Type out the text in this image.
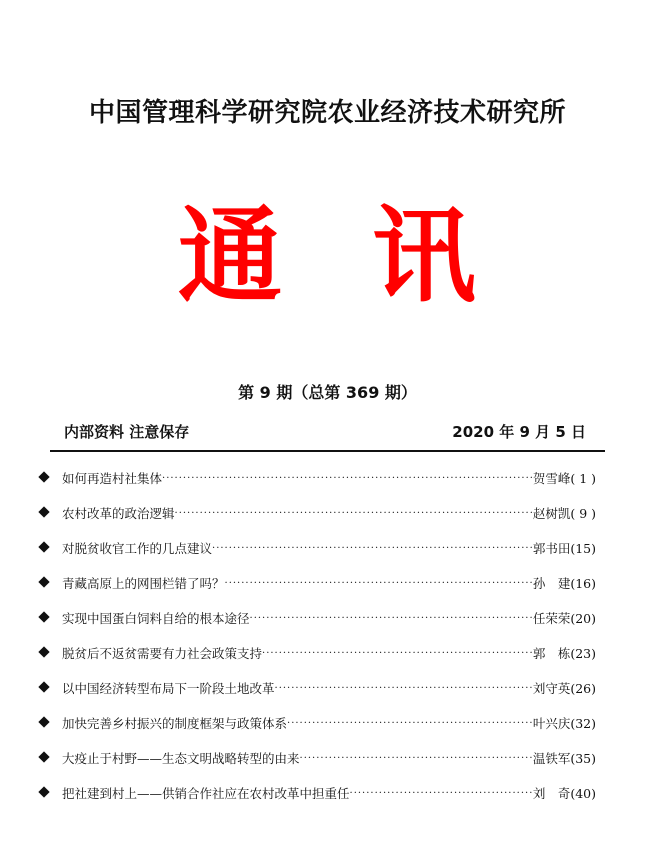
中国管理科学研究院农业经济技术研究所
通 讯
第 9 期（总第 369 期）
内部资料 注意保存	2020 年 9 月 5 日
如何再造村社集体 ·····	贺雪峰 ( 1 )
农村改革的政治逻辑 ·····	赵树凯 ( 9 )
对脱贫收官工作的几点建议 ·····	郭书田 (15)
青藏高原上的网围栏错了吗？ ·····	孙　建 (16)
实现中国蛋白饲料自给的根本途径 ·····	任荣荣 (20)
脱贫后不返贫需要有力社会政策支持 ·····	郭　栋 (23)
以中国经济转型布局下一阶段土地改革 ·····	刘守英 (26)
加快完善乡村振兴的制度框架与政策体系 ·····	叶兴庆 (32)
大疫止于村野——生态文明战略转型的由来 ·····	温铁军 (35)
把社建到村上——供销合作社应在农村改革中担重任 ·····	刘　奇 (40)
